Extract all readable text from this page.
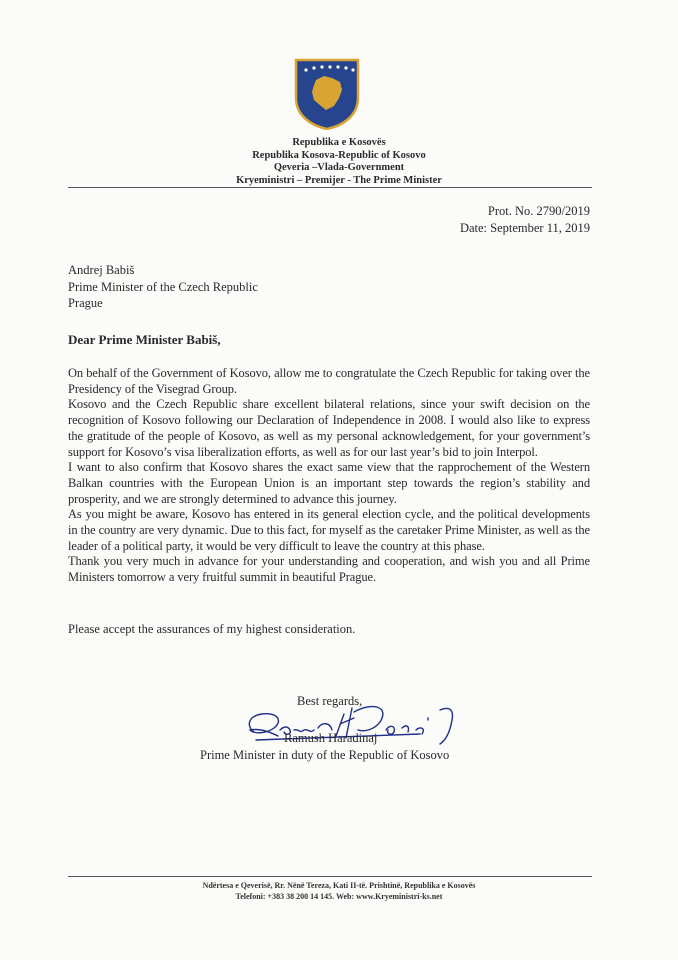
Republika e Kosovës
Republika Kosova-Republic of Kosovo
Qeveria –Vlada-Government
Kryeministri – Premijer - The Prime Minister
Prot. No. 2790/2019
Date: September 11, 2019
Andrej Babiš
Prime Minister of the Czech Republic
Prague
Dear Prime Minister Babiš,

On behalf of the Government of Kosovo, allow me to congratulate the Czech Republic for taking over the Presidency of the Visegrad Group.

Kosovo and the Czech Republic share excellent bilateral relations, since your swift decision on the recognition of Kosovo following our Declaration of Independence in 2008. I would also like to express the gratitude of the people of Kosovo, as well as my personal acknowledgement, for your government’s support for Kosovo’s visa liberalization efforts, as well as for our last year’s bid to join Interpol.

I want to also confirm that Kosovo shares the exact same view that the rapprochement of the Western Balkan countries with the European Union is an important step towards the region’s stability and prosperity, and we are strongly determined to advance this journey.

As you might be aware, Kosovo has entered in its general election cycle, and the political developments in the country are very dynamic. Due to this fact, for myself as the caretaker Prime Minister, as well as the leader of a political party, it would be very difficult to leave the country at this phase.

Thank you very much in advance for your understanding and cooperation, and wish you and all Prime Ministers tomorrow a very fruitful summit in beautiful Prague.

Please accept the assurances of my highest consideration.
Best regards,
Ramush Haradinaj
Prime Minister in duty of the Republic of Kosovo
Ndërtesa e Qeverisë, Rr. Nënë Tereza, Kati II-të. Prishtinë, Republika e Kosovës
Telefoni: +383 38 200 14 145. Web: www.Kryeministri-ks.net
